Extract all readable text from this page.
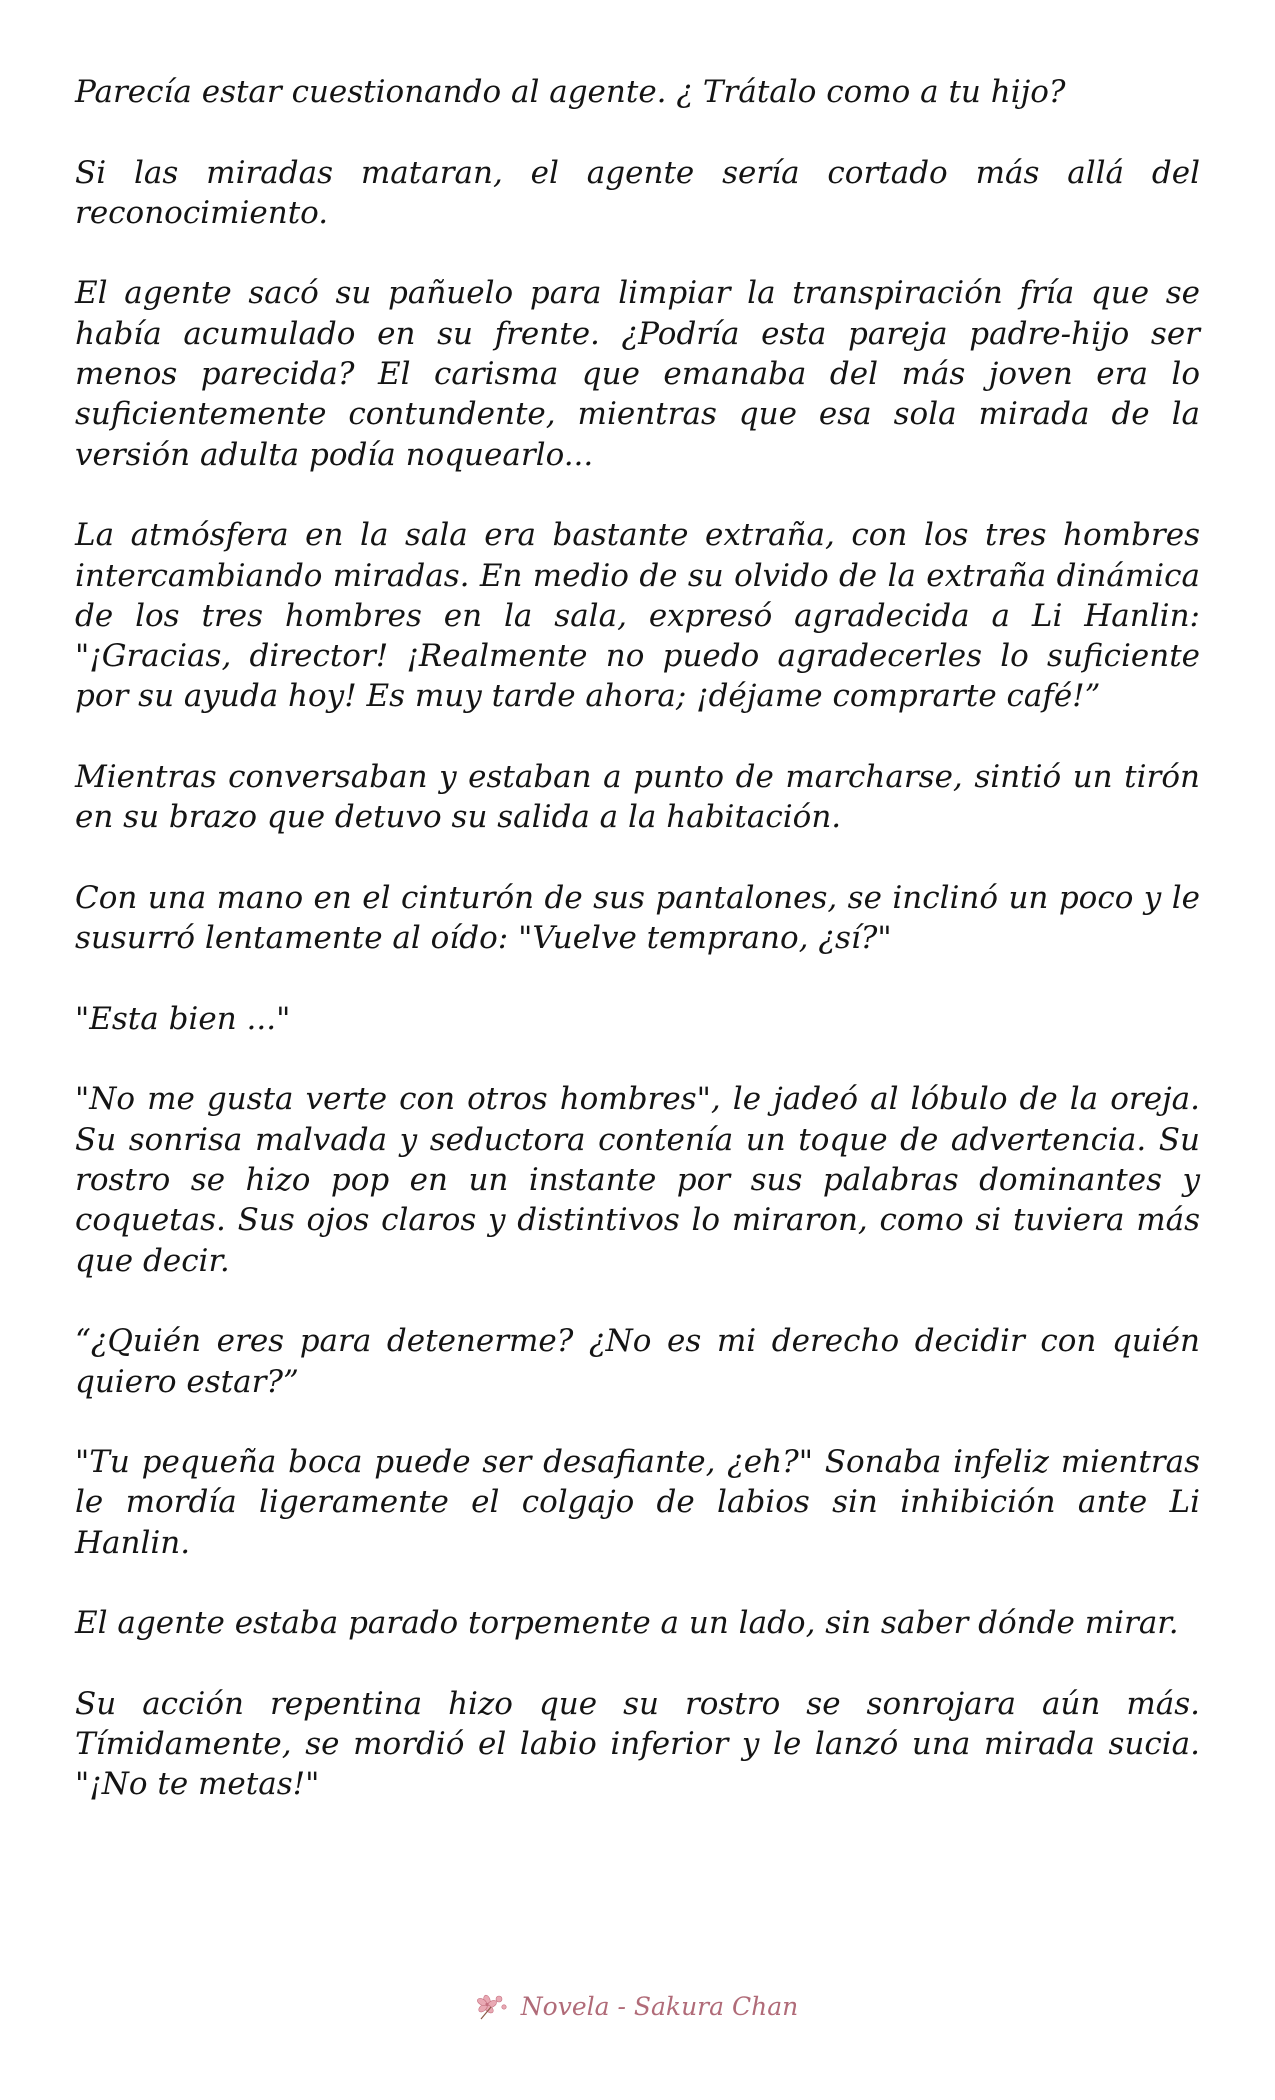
Parecía estar cuestionando al agente. ¿ Trátalo como a tu hijo?

Si las miradas mataran, el agente sería cortado más allá del reconocimiento.

El agente sacó su pañuelo para limpiar la transpiración fría que se había acumulado en su frente. ¿Podría esta pareja padre-hijo ser menos parecida? El carisma que emanaba del más joven era lo suficientemente contundente, mientras que esa sola mirada de la versión adulta podía noquearlo...

La atmósfera en la sala era bastante extraña, con los tres hombres intercambiando miradas. En medio de su olvido de la extraña dinámica de los tres hombres en la sala, expresó agradecida a Li Hanlin: "¡Gracias, director! ¡Realmente no puedo agradecerles lo suficiente por su ayuda hoy! Es muy tarde ahora; ¡déjame comprarte café!”

Mientras conversaban y estaban a punto de marcharse, sintió un tirón en su brazo que detuvo su salida a la habitación.

Con una mano en el cinturón de sus pantalones, se inclinó un poco y le susurró lentamente al oído: "Vuelve temprano, ¿sí?"

"Esta bien ..."

"No me gusta verte con otros hombres", le jadeó al lóbulo de la oreja. Su sonrisa malvada y seductora contenía un toque de advertencia. Su rostro se hizo pop en un instante por sus palabras dominantes y coquetas. Sus ojos claros y distintivos lo miraron, como si tuviera más que decir.

“¿Quién eres para detenerme? ¿No es mi derecho decidir con quién quiero estar?”

"Tu pequeña boca puede ser desafiante, ¿eh?" Sonaba infeliz mientras le mordía ligeramente el colgajo de labios sin inhibición ante Li Hanlin.

El agente estaba parado torpemente a un lado, sin saber dónde mirar.

Su acción repentina hizo que su rostro se sonrojara aún más. Tímidamente, se mordió el labio inferior y le lanzó una mirada sucia. "¡No te metas!"

Novela - Sakura Chan
